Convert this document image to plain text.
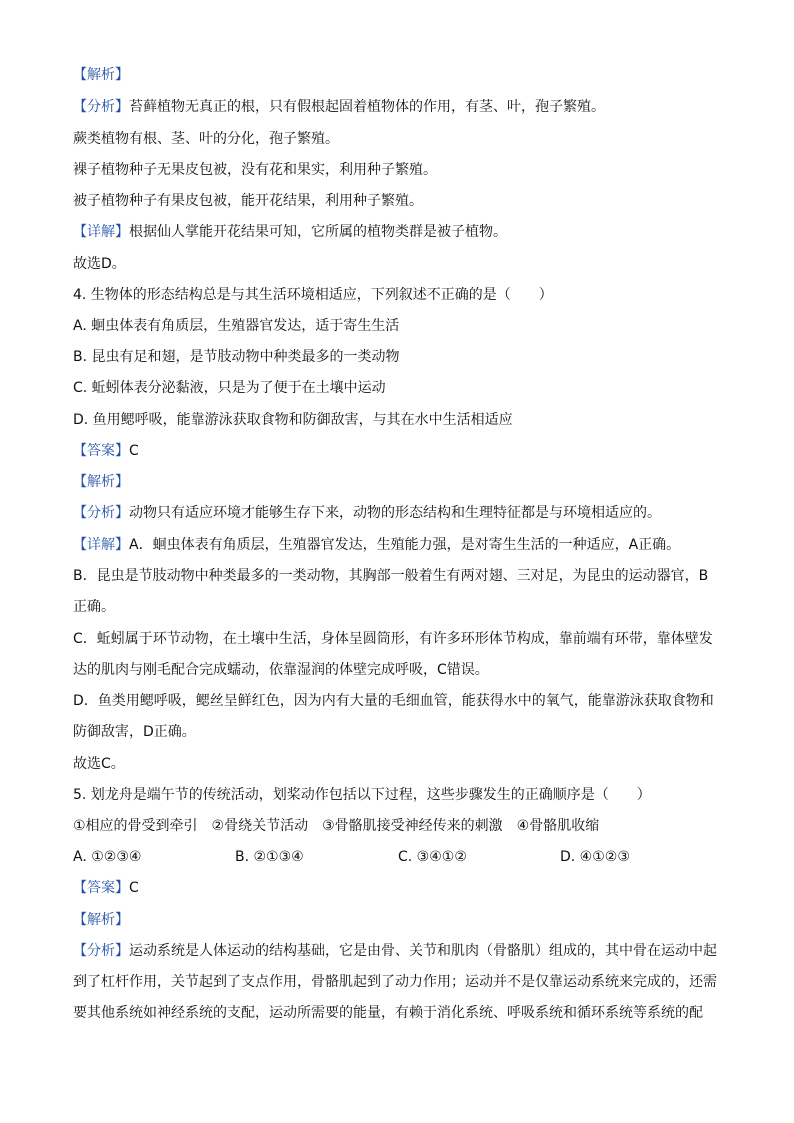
【解析】
【分析】苔藓植物无真正的根，只有假根起固着植物体的作用，有茎、叶，孢子繁殖。
蕨类植物有根、茎、叶的分化，孢子繁殖。
裸子植物种子无果皮包被，没有花和果实，利用种子繁殖。
被子植物种子有果皮包被，能开花结果，利用种子繁殖。
【详解】根据仙人掌能开花结果可知，它所属的植物类群是被子植物。
故选D。
4. 生物体的形态结构总是与其生活环境相适应，下列叙述不正确的是（　　）
A. 蛔虫体表有角质层，生殖器官发达，适于寄生生活
B. 昆虫有足和翅，是节肢动物中种类最多的一类动物
C. 蚯蚓体表分泌黏液，只是为了便于在土壤中运动
D. 鱼用鳃呼吸，能靠游泳获取食物和防御敌害，与其在水中生活相适应
【答案】C
【解析】
【分析】动物只有适应环境才能够生存下来，动物的形态结构和生理特征都是与环境相适应的。
【详解】A．蛔虫体表有角质层，生殖器官发达，生殖能力强，是对寄生生活的一种适应，A正确。
B．昆虫是节肢动物中种类最多的一类动物，其胸部一般着生有两对翅、三对足，为昆虫的运动器官，B
正确。
C．蚯蚓属于环节动物，在土壤中生活，身体呈圆筒形，有许多环形体节构成，靠前端有环带，靠体壁发
达的肌肉与刚毛配合完成蠕动，依靠湿润的体壁完成呼吸，C错误。
D．鱼类用鳃呼吸，鳃丝呈鲜红色，因为内有大量的毛细血管，能获得水中的氧气，能靠游泳获取食物和
防御敌害，D正确。
故选C。
5. 划龙舟是端午节的传统活动，划桨动作包括以下过程，这些步骤发生的正确顺序是（　　）
①相应的骨受到牵引　②骨绕关节活动　③骨骼肌接受神经传来的刺激　④骨骼肌收缩
A. ①②③④	B. ②①③④	C. ③④①②	D. ④①②③
【答案】C
【解析】
【分析】运动系统是人体运动的结构基础，它是由骨、关节和肌肉（骨骼肌）组成的，其中骨在运动中起
到了杠杆作用，关节起到了支点作用，骨骼肌起到了动力作用；运动并不是仅靠运动系统来完成的，还需
要其他系统如神经系统的支配，运动所需要的能量，有赖于消化系统、呼吸系统和循环系统等系统的配
